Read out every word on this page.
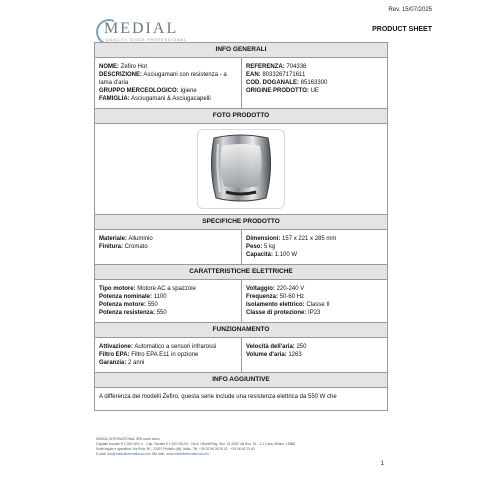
Rev. 15/07/2025
MEDIAL
QUALITY SINCE PROFESSIONAL
PRODUCT SHEET
INFO GENERALI
NOME: Zefiro Hot
DESCRIZIONE: Asciugamani con resistenza - a lama d'aria
GRUPPO MERCEOLOGICO: Igiene
FAMIGLIA: Asciugamani & Asciugacapelli
REFERENZA: 704336
EAN: 8033267171611
COD. DOGANALE: 85163300
ORIGINE PRODOTTO: UE
FOTO PRODOTTO
SPECIFICHE PRODOTTO
Materiale: Alluminio
Finitura: Cromato
Dimensioni: 157 x 221 x 285 mm
Peso: 5 kg
Capacità: 1.100 W
CARATTERISTICHE ELETTRICHE
Tipo motore: Motore AC a spazzole
Potenza nominale: 1100
Potenza motore: 550
Potenza resistenza: 550
Voltaggio: 220-240 V
Frequenza: 50-60 Hz
Isolamento elettrico: Classe II
Classe di protezione: IP23
FUNZIONAMENTO
Attivazione: Automatico a sensori infrarossi
Filtro EPA: Filtro EPA E11 in opzione
Garanzia: 2 anni
Velocità dell'aria: 250
Volume d'aria: 1263
INFO AGGIUNTIVE
A differenza dei modelli Zefiro, questa serie include una resistenza elettrica da 550 W che
MEDIAL INTERNATIONAL SPA socio unico
Capitale sociale: € 1.000.000 i.v. - Cap. Sociale € 1.000.000,00 - Via A. Olivetti Reg. Sez. 24 2052 Via Eno, 51 - 2.1 Casa, Milano, 15886
Sede legale e operativa: Via Pola, 90 - 20097 Pioltello (Mi), Italia - Tel. +39 02 96 08 25 02 - +39 06 40 23 40
E-mail: info@medialinternational.com Sito web: www.medialinternational.com
1
